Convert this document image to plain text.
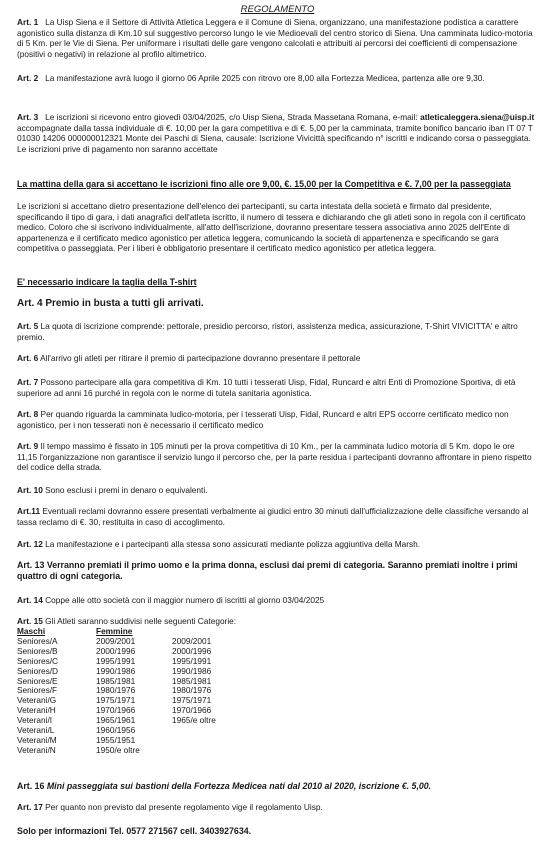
REGOLAMENTO
Art. 1 La Uisp Siena e il Settore di Attività Atletica Leggera e il Comune di Siena, organizzano, una manifestazione podistica a carattere agonistico sulla distanza di Km.10 sul suggestivo percorso lungo le vie Medioevali del centro storico di Siena. Una camminata ludico-motoria di 5 Km. per le Vie di Siena. Per uniformare i risultati delle gare vengono calcolati e attribuiti ai percorsi dei coefficienti di compensazione (positivi o negativi) in relazione al profilo altimetrico.
Art. 2 La manifestazione avrà luogo il giorno 06 Aprile 2025 con ritrovo ore 8,00 alla Fortezza Medicea, partenza alle ore 9,30.
Art. 3 Le iscrizioni si ricevono entro giovedì 03/04/2025, c/o Uisp Siena, Strada Massetana Romana, e-mail: atleticaleggera.siena@uisp.it accompagnate dalla tassa individuale di €. 10,00 per la gara competitiva e di €. 5,00 per la camminata, tramite bonifico bancario iban IT 07 T 01030 14206 000000012321 Monte dei Paschi di Siena, causale: Iscrizione Vivicittà specificando n° iscritti e indicando corsa o passeggiata. Le iscrizioni prive di pagamento non saranno accettate
La mattina della gara si accettano le iscrizioni fino alle ore 9,00, €. 15,00 per la Competitiva e €. 7,00 per la passeggiata
Le iscrizioni si accettano dietro presentazione dell'elenco dei partecipanti, su carta intestata della società e firmato dal presidente, specificando il tipo di gara, i dati anagrafici dell'atleta iscritto, il numero di tessera e dichiarando che gli atleti sono in regola con il certificato medico. Coloro che si iscrivono individualmente, all'atto dell'iscrizione, dovranno presentare tessera associativa anno 2025 dell'Ente di appartenenza e il certificato medico agonistico per atletica leggera, comunicando la società di appartenenza e specificando se gara competitiva o passeggiata. Per i liberi è obbligatorio presentare il certificato medico agonistico per atletica leggera.
E' necessario indicare la taglia della T-shirt
Art. 4 Premio in busta a tutti gli arrivati.
Art. 5 La quota di iscrizione comprende: pettorale, presidio percorso, ristori, assistenza medica, assicurazione, T-Shirt VIVICITTA' e altro premio.
Art. 6 All'arrivo gli atleti per ritirare il premio di partecipazione dovranno presentare il pettorale
Art. 7 Possono partecipare alla gara competitiva di Km. 10 tutti i tesserati Uisp, Fidal, Runcard e altri Enti di Promozione Sportiva, di età superiore ad anni 16 purché in regola con le norme di tutela sanitaria agonistica.
Art. 8 Per quando riguarda la camminata ludico-motoria, per i tesserati Uisp, Fidal, Runcard e altri EPS occorre certificato medico non agonistico, per i non tesserati non è necessario il certificato medico
Art. 9 Il tempo massimo è fissato in 105 minuti per la prova competitiva di 10 Km., per la camminata ludico motoria di 5 Km. dopo le ore 11,15 l'organizzazione non garantisce il servizio lungo il percorso che, per la parte residua i partecipanti dovranno affrontare in pieno rispetto del codice della strada.
Art. 10 Sono esclusi i premi in denaro o equivalenti.
Art.11 Eventuali reclami dovranno essere presentati verbalmente ai giudici entro 30 minuti dall'ufficializzazione delle classifiche versando al tassa reclamo di €. 30, restituita in caso di accoglimento.
Art. 12 La manifestazione e i partecipanti alla stessa sono assicurati mediante polizza aggiuntiva della Marsh.
Art. 13 Verranno premiati il primo uomo e la prima donna, esclusi dai premi di categoria. Saranno premiati inoltre i primi quattro di ogni categoria.
Art. 14 Coppe alle otto società con il maggior numero di iscritti al giorno 03/04/2025
Art. 15 Gli Atleti saranno suddivisi nelle seguenti Categorie:
Maschi	Femmine	
Seniores/A	2009/2001	2009/2001
Seniores/B	2000/1996	2000/1996
Seniores/C	1995/1991	1995/1991
Seniores/D	1990/1986	1990/1986
Seniores/E	1985/1981	1985/1981
Seniores/F	1980/1976	1980/1976
Veterani/G	1975/1971	1975/1971
Veterani/H	1970/1966	1970/1966
Veterani/I	1965/1961	1965/e oltre
Veterani/L	1960/1956	
Veterani/M	1955/1951	
Veterani/N	1950/e oltre	
Art. 16 Mini passeggiata sui bastioni della Fortezza Medicea nati dal 2010 al 2020, iscrizione €. 5,00.
Art. 17 Per quanto non previsto dal presente regolamento vige il regolamento Uisp.
Solo per informazioni Tel. 0577 271567 cell. 3403927634.
